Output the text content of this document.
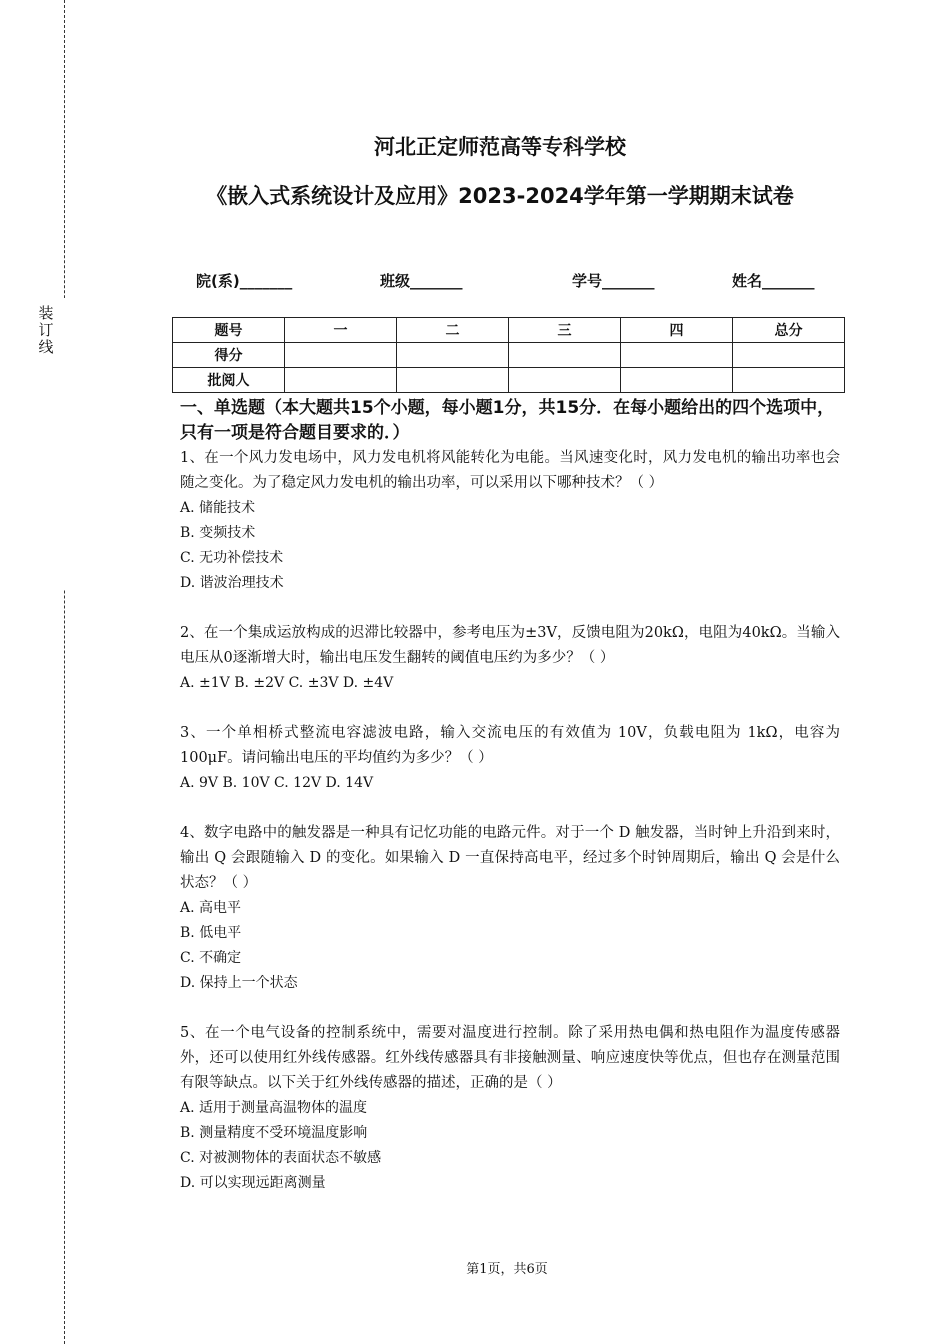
装
订
线
河北正定师范高等专科学校
《嵌入式系统设计及应用》2023-2024学年第一学期期末试卷
院(系)_______	班级_______	学号_______	姓名_______
题号	一	二	三	四	总分
得分					
批阅人					
一、单选题（本大题共15个小题，每小题1分，共15分．在每小题给出的四个选项中，只有一项是符合题目要求的．）
1、在一个风力发电场中，风力发电机将风能转化为电能。当风速变化时，风力发电机的输出功率也会随之变化。为了稳定风力发电机的输出功率，可以采用以下哪种技术？（ ）
A. 储能技术
B. 变频技术
C. 无功补偿技术
D. 谐波治理技术
2、在一个集成运放构成的迟滞比较器中，参考电压为±3V，反馈电阻为20kΩ，电阻为40kΩ。当输入电压从0逐渐增大时，输出电压发生翻转的阈值电压约为多少？（ ）
A. ±1V B. ±2V C. ±3V D. ±4V
3、一个单相桥式整流电容滤波电路，输入交流电压的有效值为 10V，负载电阻为 1kΩ，电容为 100μF。请问输出电压的平均值约为多少？（ ）
A. 9V B. 10V C. 12V D. 14V
4、数字电路中的触发器是一种具有记忆功能的电路元件。对于一个 D 触发器，当时钟上升沿到来时，输出 Q 会跟随输入 D 的变化。如果输入 D 一直保持高电平，经过多个时钟周期后，输出 Q 会是什么状态？（ ）
A. 高电平
B. 低电平
C. 不确定
D. 保持上一个状态
5、在一个电气设备的控制系统中，需要对温度进行控制。除了采用热电偶和热电阻作为温度传感器外，还可以使用红外线传感器。红外线传感器具有非接触测量、响应速度快等优点，但也存在测量范围有限等缺点。以下关于红外线传感器的描述，正确的是（ ）
A. 适用于测量高温物体的温度
B. 测量精度不受环境温度影响
C. 对被测物体的表面状态不敏感
D. 可以实现远距离测量
第1页，共6页
